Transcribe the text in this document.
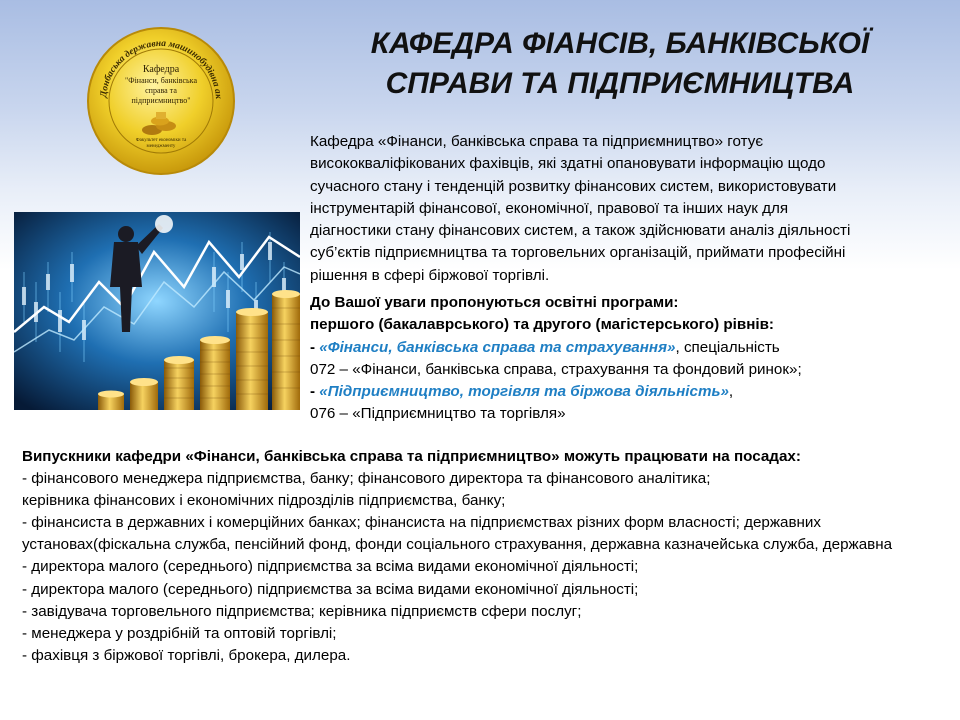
Донбаська державна машинобудівна ак
Кафедра
"Фінанси, банківська справа та підприємництво"
Факультет економіки та менеджменту
КАФЕДРА ФІАНСІВ, БАНКІВСЬКОЇ
СПРАВИ ТА ПІДПРИЄМНИЦТВА
Кафедра «Фінанси, банківська справа та підприємництво» готує
висококваліфікованих фахівців, які здатні опановувати інформацію щодо
сучасного стану і тенденцій розвитку фінансових систем, використовувати
інструментарій фінансової, економічної, правової та інших наук для
діагностики стану фінансових систем, а також здійснювати аналіз діяльності
суб’єктів підприємництва та торговельних організацій, приймати професійні
рішення в сфері біржової торгівлі.
До Вашої уваги пропонуються освітні програми:
першого (бакалаврського) та другого (магістерського) рівнів:
- «Фінанси, банківська справа та страхування», спеціальність
072 – «Фінанси, банківська справа, страхування та фондовий ринок»;
- «Підприємництво, торгівля та біржова діяльність»,
076 – «Підприємництво та торгівля»
Випускники кафедри «Фінанси, банківська справа та підприємництво» можуть працювати на посадах:
- фінансового менеджера підприємства, банку; фінансового директора та фінансового аналітика;
керівника фінансових і економічних підрозділів підприємства, банку;
- фінансиста в державних і комерційних банках; фінансиста на підприємствах різних форм власності; державних установах(фіскальна служба, пенсійний фонд, фонди соціального страхування, державна казначейська служба, державна
- директора малого (середнього) підприємства за всіма видами економічної діяльності;
- директора малого (середнього) підприємства за всіма видами економічної діяльності;
- завідувача торговельного підприємства; керівника підприємств сфери послуг;
- менеджера у роздрібній та оптовій торгівлі;
- фахівця з біржової торгівлі, брокера, дилера.
